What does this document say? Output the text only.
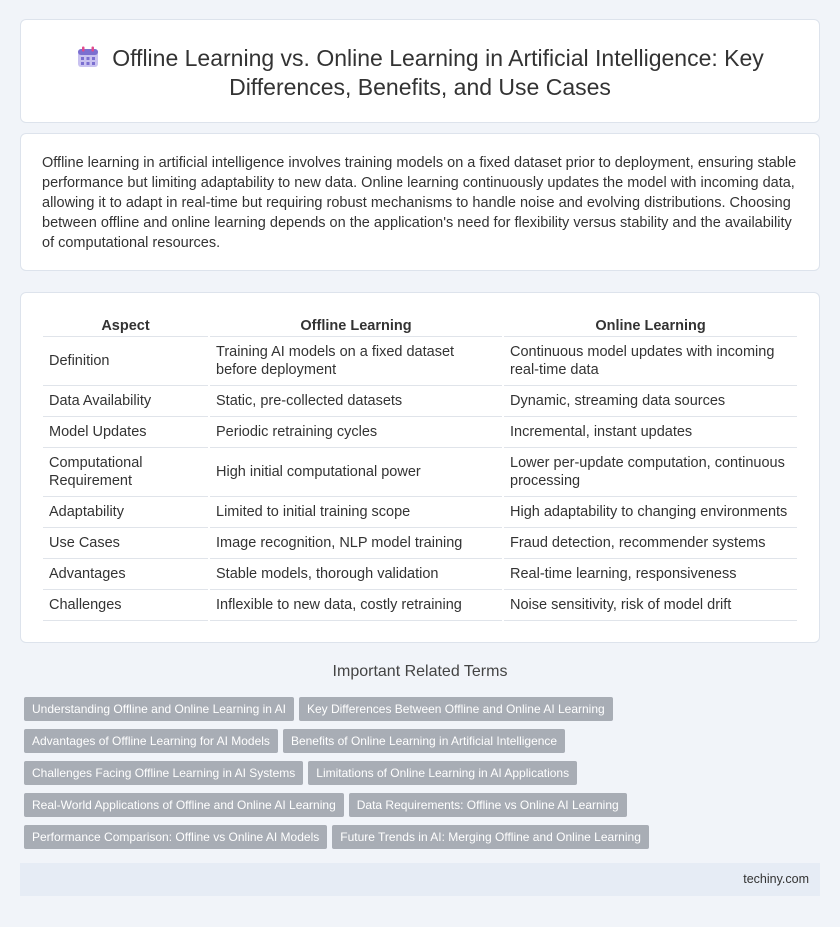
Offline Learning vs. Online Learning in Artificial Intelligence: Key
Differences, Benefits, and Use Cases

Offline learning in artificial intelligence involves training models on a fixed dataset prior to deployment, ensuring stable performance but limiting adaptability to new data. Online learning continuously updates the model with incoming data, allowing it to adapt in real-time but requiring robust mechanisms to handle noise and evolving distributions. Choosing between offline and online learning depends on the application's need for flexibility versus stability and the availability of computational resources.

Aspect	Offline Learning	Online Learning
Definition	Training AI models on a fixed dataset before deployment	Continuous model updates with incoming real-time data
Data Availability	Static, pre-collected datasets	Dynamic, streaming data sources
Model Updates	Periodic retraining cycles	Incremental, instant updates
Computational Requirement	High initial computational power	Lower per-update computation, continuous processing
Adaptability	Limited to initial training scope	High adaptability to changing environments
Use Cases	Image recognition, NLP model training	Fraud detection, recommender systems
Advantages	Stable models, thorough validation	Real-time learning, responsiveness
Challenges	Inflexible to new data, costly retraining	Noise sensitivity, risk of model drift
Important Related Terms
Understanding Offline and Online Learning in AI Key Differences Between Offline and Online AI Learning
Advantages of Offline Learning for AI Models Benefits of Online Learning in Artificial Intelligence
Challenges Facing Offline Learning in AI Systems Limitations of Online Learning in AI Applications
Real-World Applications of Offline and Online AI Learning Data Requirements: Offline vs Online AI Learning
Performance Comparison: Offline vs Online AI Models Future Trends in AI: Merging Offline and Online Learning
techiny.com
